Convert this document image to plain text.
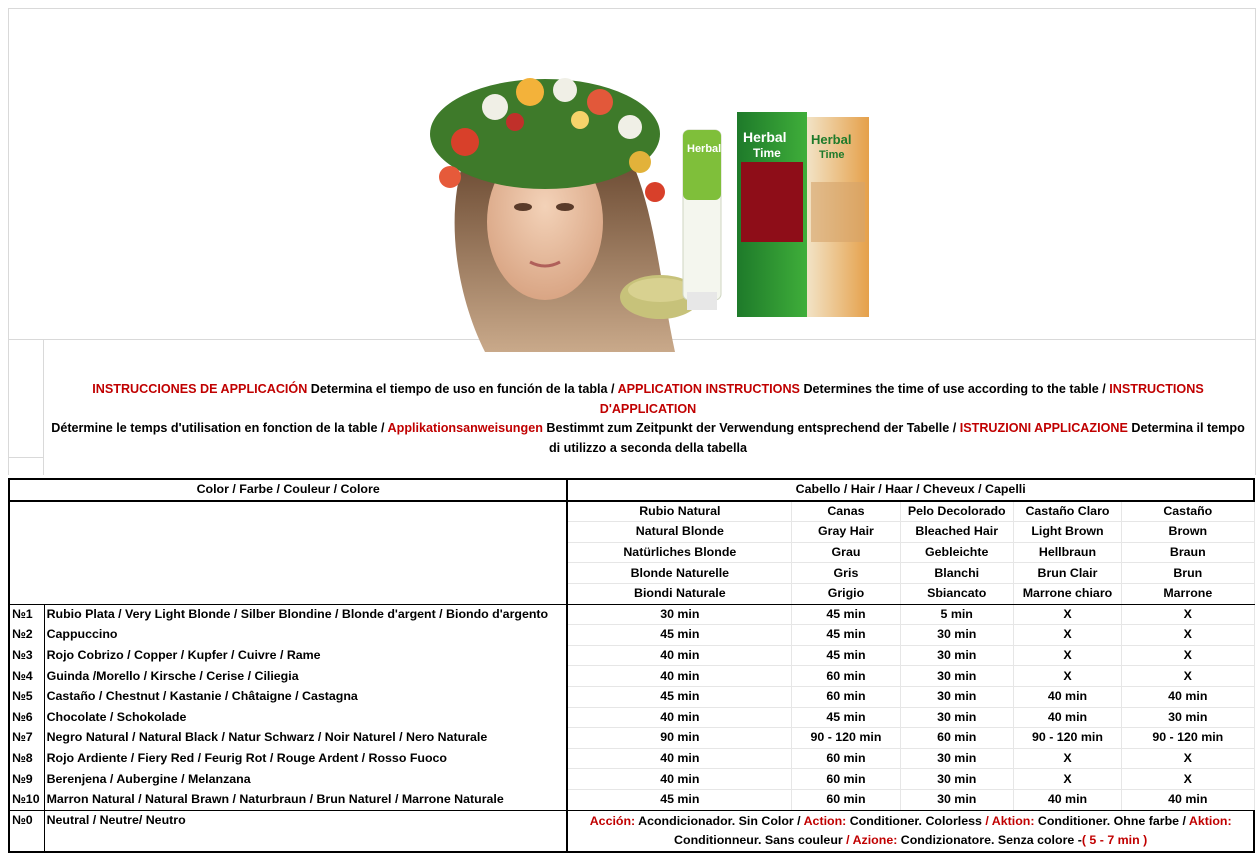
Herbal
Herbal
Time
Herbal
Time
INSTRUCCIONES DE APPLICACIÓN Determina el tiempo de uso en función de la tabla / APPLICATION INSTRUCTIONS Determines the time of use according to the table / INSTRUCTIONS D'APPLICATION
Détermine le temps d'utilisation en fonction de la table / Applikationsanweisungen Bestimmt zum Zeitpunkt der Verwendung entsprechend der Tabelle / ISTRUZIONI APPLICAZIONE Determina il tempo di utilizzo a seconda della tabella
Color / Farbe / Couleur / Colore		Cabello / Hair / Haar / Cheveux / Capelli				
		Rubio Natural	Canas	Pelo Decolorado	Castaño Claro	Castaño
		Natural Blonde	Gray Hair	Bleached Hair	Light Brown	Brown
		Natürliches Blonde	Grau	Gebleichte	Hellbraun	Braun
		Blonde Naturelle	Gris	Blanchi	Brun Clair	Brun
		Biondi Naturale	Grigio	Sbiancato	Marrone chiaro	Marrone
№1	Rubio Plata / Very Light Blonde / Silber Blondine / Blonde d'argent / Biondo d'argento	30 min	45 min	5 min	X	X
№2	Cappuccino	45 min	45 min	30 min	X	X
№3	Rojo Cobrizo / Copper / Kupfer / Cuivre / Rame	40 min	45 min	30 min	X	X
№4	Guinda /Morello / Kirsche / Cerise / Ciliegia	40 min	60 min	30 min	X	X
№5	Castaño / Chestnut / Kastanie / Châtaigne / Castagna	45 min	60 min	30 min	40 min	40 min
№6	Chocolate / Schokolade	40 min	45 min	30 min	40 min	30 min
№7	Negro Natural / Natural Black / Natur Schwarz / Noir Naturel / Nero Naturale	90 min	90 - 120 min	60 min	90 - 120 min	90 - 120 min
№8	Rojo Ardiente / Fiery Red / Feurig Rot / Rouge Ardent / Rosso Fuoco	40 min	60 min	30 min	X	X
№9	Berenjena / Aubergine / Melanzana	40 min	60 min	30 min	X	X
№10	Marron Natural / Natural Brawn / Naturbraun / Brun Naturel / Marrone Naturale	45 min	60 min	30 min	40 min	40 min
№0	Neutral / Neutre/ Neutro	Acción: Acondicionador. Sin Color / Action: Conditioner. Colorless / Aktion: Conditioner. Ohne farbe / Aktion:
Conditionneur. Sans couleur / Azione: Condizionatore. Senza colore -( 5 - 7 min )				
